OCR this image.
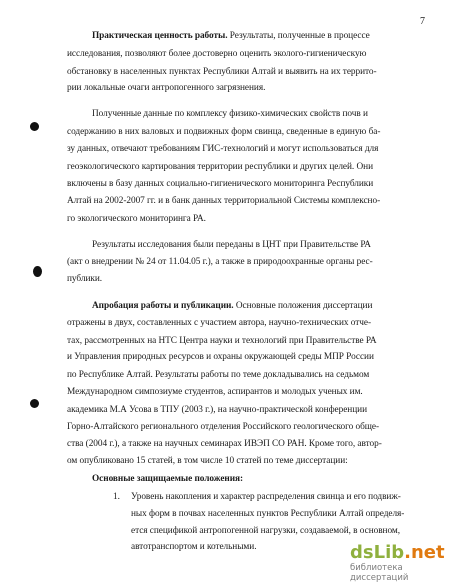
7
Практическая ценность работы. Результаты, полученные в процессе
исследования, позволяют более достоверно оценить эколого-гигиеническую
обстановку в населенных пунктах Республики Алтай и выявить на их террито-
рии локальные очаги антропогенного загрязнения.
Полученные данные по комплексу физико-химических свойств почв и
содержанию в них валовых и подвижных форм свинца, сведенные в единую ба-
зу данных, отвечают требованиям ГИС-технологий и могут использоваться для
геоэкологического картирования территории республики и других целей. Они
включены в базу данных социально-гигиенического мониторинга Республики
Алтай на 2002-2007 гг. и в банк данных территориальной Системы комплексно-
го экологического мониторинга РА.
Результаты исследования были переданы в ЦНТ при Правительстве РА
(акт о внедрении № 24 от 11.04.05 г.), а также в природоохранные органы рес-
публики.
Апробация работы и публикации. Основные положения диссертации
отражены в двух, составленных с участием автора, научно-технических отче-
тах, рассмотренных на НТС Центра науки и технологий при Правительстве РА
и Управления природных ресурсов и охраны окружающей среды МПР России
по Республике Алтай. Результаты работы по теме докладывались на седьмом
Международном симпозиуме студентов, аспирантов и молодых ученых им.
академика М.А Усова в ТПУ (2003 г.), на научно-практической конференции
Горно-Алтайского регионального отделения Российского геологического обще-
ства (2004 г.), а также на научных семинарах ИВЭП СО РАН. Кроме того, автор-
ом опубликовано 15 статей, в том числе 10 статей по теме диссертации:
Основные защищаемые положения:
1. Уровень накопления и характер распределения свинца и его подвиж-
ных форм в почвах населенных пунктов Республики Алтай определя-
ется спецификой антропогенной нагрузки, создаваемой, в основном,
автотранспортом и котельными.	dsLib.net
библиотека диссертаций
